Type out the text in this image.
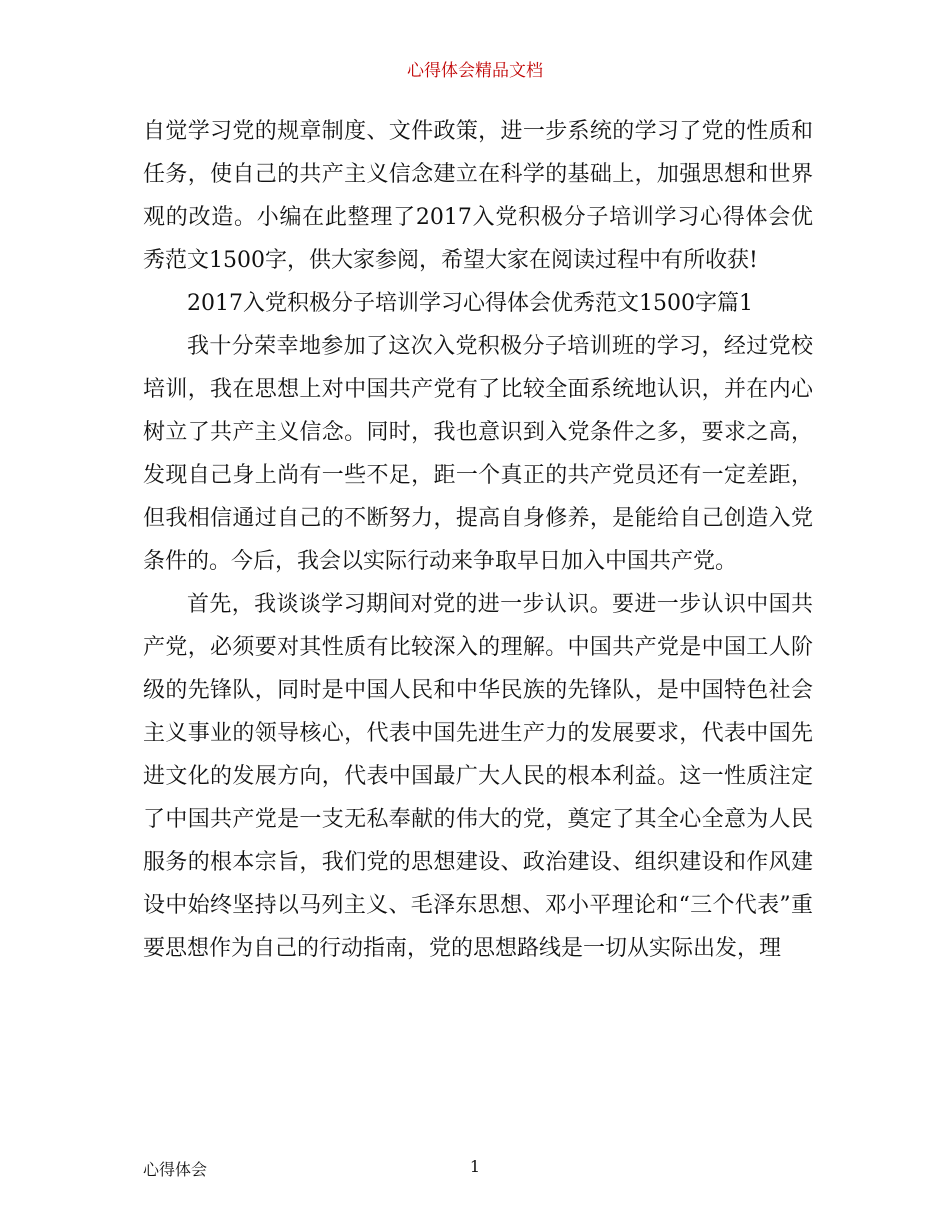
心得体会精品文档

自觉学习党的规章制度、文件政策，进一步系统的学习了党的性质和任务，使自己的共产主义信念建立在科学的基础上，加强思想和世界观的改造。小编在此整理了2017入党积极分子培训学习心得体会优秀范文1500字，供大家参阅，希望大家在阅读过程中有所收获!

2017入党积极分子培训学习心得体会优秀范文1500字篇1

我十分荣幸地参加了这次入党积极分子培训班的学习，经过党校培训，我在思想上对中国共产党有了比较全面系统地认识，并在内心树立了共产主义信念。同时，我也意识到入党条件之多，要求之高，发现自己身上尚有一些不足，距一个真正的共产党员还有一定差距，但我相信通过自己的不断努力，提高自身修养，是能给自己创造入党条件的。今后，我会以实际行动来争取早日加入中国共产党。

首先，我谈谈学习期间对党的进一步认识。要进一步认识中国共产党，必须要对其性质有比较深入的理解。中国共产党是中国工人阶级的先锋队，同时是中国人民和中华民族的先锋队，是中国特色社会主义事业的领导核心，代表中国先进生产力的发展要求，代表中国先进文化的发展方向，代表中国最广大人民的根本利益。这一性质注定了中国共产党是一支无私奉献的伟大的党，奠定了其全心全意为人民服务的根本宗旨，我们党的思想建设、政治建设、组织建设和作风建设中始终坚持以马列主义、毛泽东思想、邓小平理论和“三个代表”重要思想作为自己的行动指南，党的思想路线是一切从实际出发，理

心得体会	1
